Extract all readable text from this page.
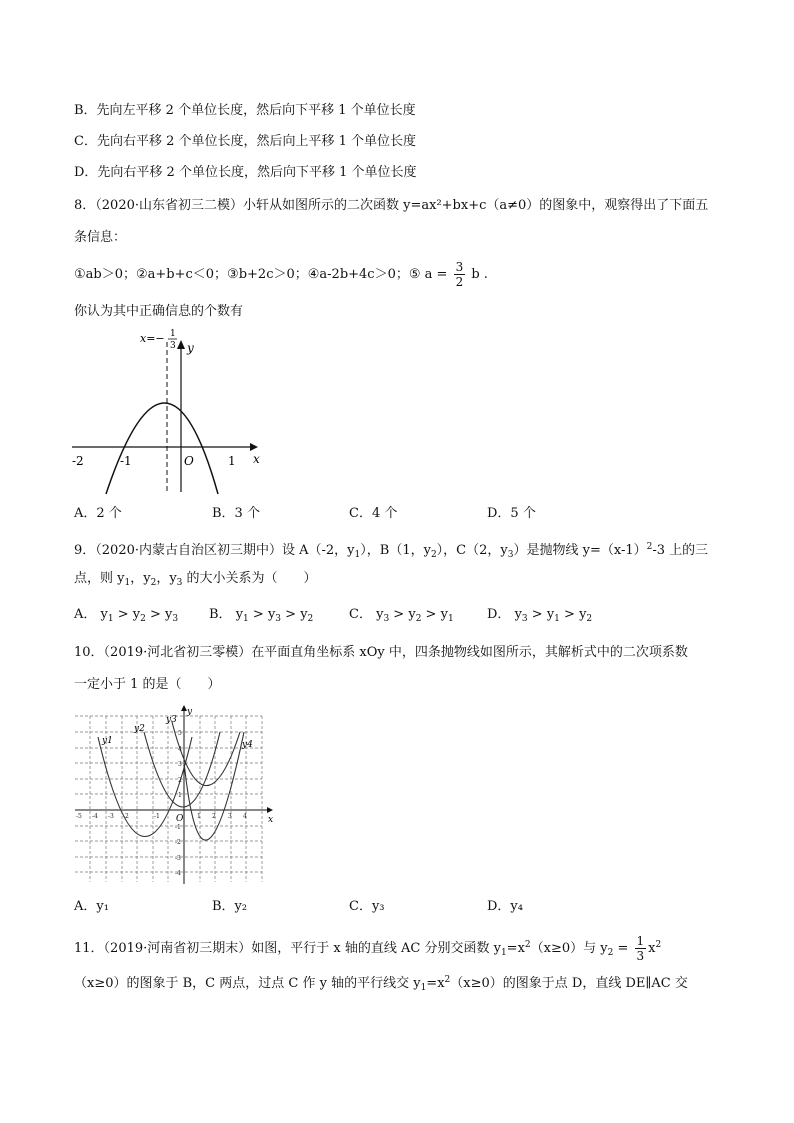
B．先向左平移 2 个单位长度，然后向下平移 1 个单位长度
C．先向右平移 2 个单位长度，然后向上平移 1 个单位长度
D．先向右平移 2 个单位长度，然后向下平移 1 个单位长度
8．（2020·山东省初三二模）小轩从如图所示的二次函数 y=ax²+bx+c（a≠0）的图象中，观察得出了下面五
条信息：
①ab＞0；②a+b+c＜0；③b+2c＞0；④a-2b+4c＞0；⑤ $a = \frac{3}{2}$ b .
你认为其中正确信息的个数有
x=− 1
3 y
x
O
-2	-1	1
A．2 个	B．3 个	C．4 个	D．5 个
9．（2020·内蒙古自治区初三期中）设 A（-2，$y_1$），B（1，$y_2$），C（2，$y_3$）是抛物线 $y=(x-1)^2-3$ 上的三
点，则 $y_1$，$y_2$，$y_3$ 的大小关系为（　　）
A． $y_1 > y_2 > y_3$ B． $y_1 > y_3 > y_2$	C． $y_3 > y_2 > y_1$	D． $y_3 > y_1 > y_2$
10．（2019·河北省初三零模）在平面直角坐标系 xOy 中，四条抛物线如图所示，其解析式中的二次项系数
一定小于 1 的是（　　）
y1
y2
y3
y4
y
x
O
-5 -4 -3 -2	-1	1 2 3 4
5
4
3
2
1
-1
-2
-3
-4
A．y₁	B．y₂	C．y₃	D．y₄
11．（2019·河南省初三期末）如图，平行于 x 轴的直线 AC 分别交函数 $y_1=x^2(x\ge 0)$与 $y_2 = \frac{1}{3} x^2$
（x≥0）的图象于 B，C 两点，过点 C 作 y 轴的平行线交 $y_1=x^2(x\ge 0)$的图象于点 D，直线 DE∥AC 交
